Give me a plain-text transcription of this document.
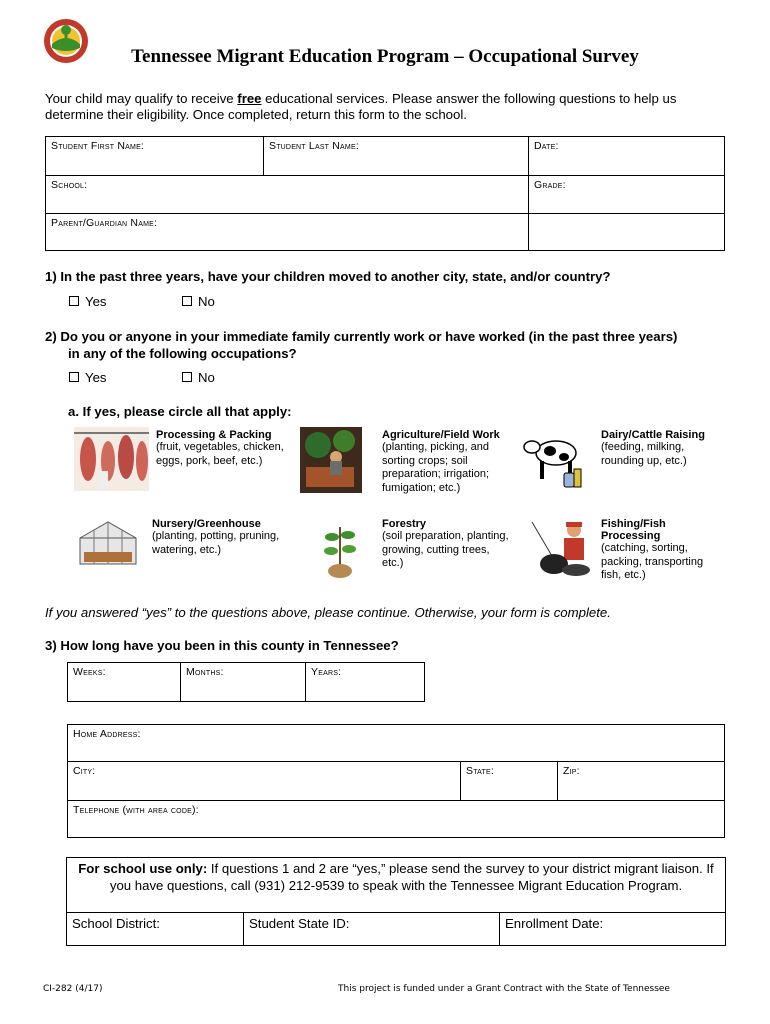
Tennessee Migrant Education Program – Occupational Survey
Your child may qualify to receive free educational services. Please answer the following questions to help us determine their eligibility. Once completed, return this form to the school.
Student First Name:	Student Last Name:	Date:
School:		Grade:
Parent/Guardian Name:		
1) In the past three years, have your children moved to another city, state, and/or country?
Yes	No
2) Do you or anyone in your immediate family currently work or have worked (in the past three years)
in any of the following occupations?
Yes	No
a. If yes, please circle all that apply:
Processing & Packing
(fruit, vegetables, chicken, eggs, pork, beef, etc.)
Agriculture/Field Work
(planting, picking, and sorting crops; soil preparation; irrigation; fumigation; etc.)
Dairy/Cattle Raising
(feeding, milking, rounding up, etc.)
Nursery/Greenhouse
(planting, potting, pruning, watering, etc.)
Forestry
(soil preparation, planting, growing, cutting trees, etc.)
Fishing/Fish Processing
(catching, sorting, packing, transporting fish, etc.)
If you answered “yes” to the questions above, please continue. Otherwise, your form is complete.
3) How long have you been in this county in Tennessee?
Weeks:	Months:	Years:
Home Address:
City:	State:	Zip:
Telephone (with area code):
For school use only: If questions 1 and 2 are “yes,” please send the survey to your district migrant liaison. If you have questions, call (931) 212-9539 to speak with the Tennessee Migrant Education Program.
School District:	Student State ID:	Enrollment Date:
CI-282 (4/17)	This project is funded under a Grant Contract with the State of Tennessee
